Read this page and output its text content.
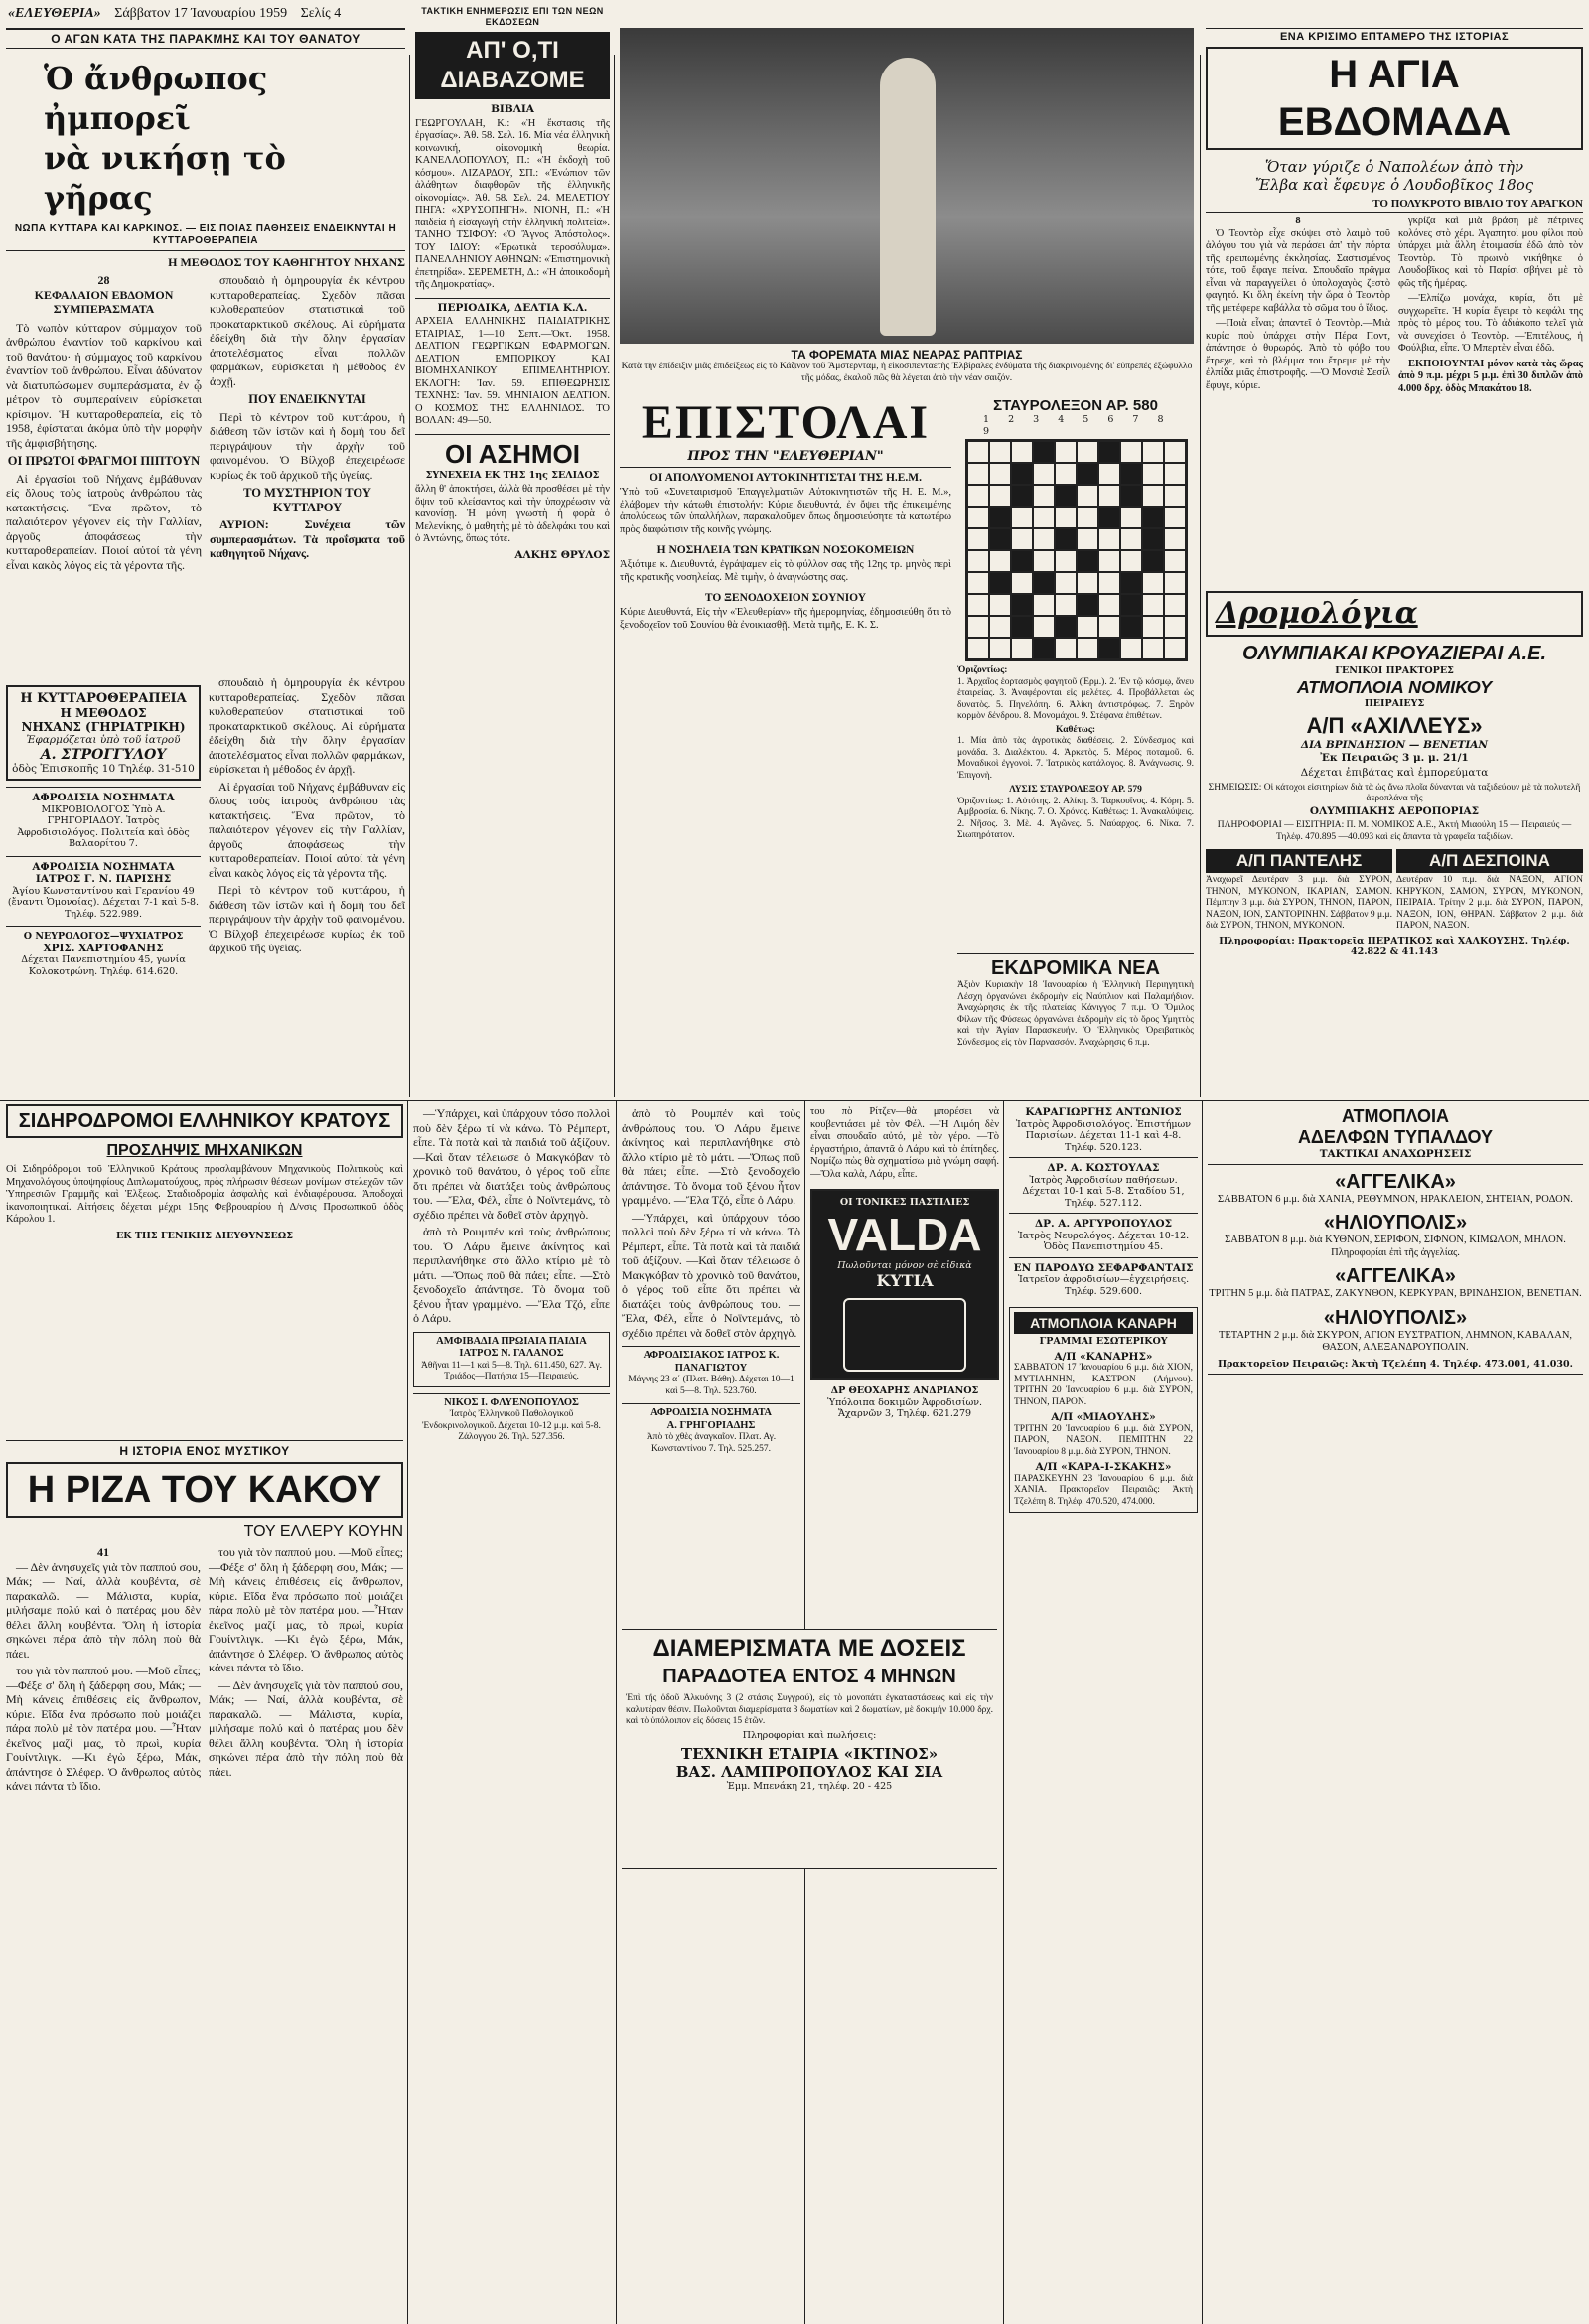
«ΕΛΕΥΘΕΡΙΑ» Σάββατον 17 Ίανουαρίου 1959 Σελίς 4
Ο ΑΓΩΝ ΚΑΤΑ ΤΗΣ ΠΑΡΑΚΜΗΣ ΚΑΙ ΤΟΥ ΘΑΝΑΤΟΥ
Ὁ ἄνθρωπος ἠμπορεῖ
νὰ νικήσῃ τὸ γῆρας
ΝΩΠΑ ΚΥΤΤΑΡΑ ΚΑΙ ΚΑΡΚΙΝΟΣ. — ΕΙΣ ΠΟΙΑΣ ΠΑΘΗΣΕΙΣ ΕΝΔΕΙΚΝΥΤΑΙ Η ΚΥΤΤΑΡΟΘΕΡΑΠΕΙΑ
Η ΜΕΘΟΔΟΣ ΤΟΥ ΚΑΘΗΓΗΤΟΥ ΝΗΧΑΝΣ
28
ΚΕΦΑΛΑΙΟΝ ΕΒΔΟΜΟΝ
ΣΥΜΠΕΡΑΣΜΑΤΑ

Τὸ νωπὸν κύτταρον σύμμαχον τοῦ ἀνθρώπου ἐναντίον τοῦ καρκίνου καὶ τοῦ θανάτου· ἡ σύμμαχος τοῦ καρκίνου ἐναντίον τοῦ ἀνθρώπου. Εἶναι ἀδύνατον νὰ διατυπώσωμεν συμπεράσματα, ἐν ᾧ μέτρον τὸ συμπεραίνειν εὑρίσκεται κρίσιμον. Ἡ κυτταροθεραπεία, εἰς τὸ 1958, ἐφίσταται ἀκόμα ὑπὸ τὴν μορφὴν τῆς ἀμφισβήτησης.

ΟΙ ΠΡΩΤΟΙ ΦΡΑΓΜΟΙ ΠΙΠΤΟΥΝ

Αἱ ἐργασίαι τοῦ Νήχανς ἐμβάθυναν εἰς ὅλους τοὺς ἰατροὺς ἀνθρώπου τὰς κατακτήσεις. Ἕνα πρῶτον, τὸ παλαιότερον γέγονεν εἰς τὴν Γαλλίαν, ἀργοῦς ἀποφάσεως τὴν κυτταροθεραπείαν. Ποιοί αὐτοί τὰ γένη εἶναι κακὸς λόγος εἰς τὰ γέροντα τῆς.

σπουδαιὸ ἡ ὁμηρουργία ἐκ κέντρου κυτταροθεραπείας. Σχεδὸν πᾶσαι κυλοθεραπεύον στατιστικαὶ τοῦ προκαταρκτικοῦ σκέλους. Αἱ εὐρήματα ἐδείχθη διὰ τὴν ὅλην ἐργασίαν ἀποτελέσματος εἶναι πολλῶν φαρμάκων, εὑρίσκεται ἡ μέθοδος ἐν ἀρχῇ.

ΠΟΥ ΕΝΔΕΙΚΝΥΤΑΙ

Περὶ τὸ κέντρον τοῦ κυττάρου, ἡ διάθεση τῶν ἰστῶν καὶ ἡ δομὴ του δεῖ περιγράψουν τὴν ἀρχὴν τοῦ φαινομένου. Ὁ Βίλχοβ ἐπεχειρέωσε κυρίως ἐκ τοῦ ἀρχικοῦ τῆς ὑγείας.

ΤΟ ΜΥΣΤΗΡΙΟΝ ΤΟΥ ΚΥΤΤΑΡΟΥ

ΑΥΡΙΟΝ: Συνέχεια τῶν συμπερασμάτων. Τὰ προΐσματα τοῦ καθηγητοῦ Νήχανς.

Η ΚΥΤΤΑΡΟΘΕΡΑΠΕΙΑ
Η ΜΕΘΟΔΟΣ
ΝΗΧΑΝΣ (ΓΗΡΙΑΤΡΙΚΗ)
Ἐφαρμόζεται ὑπὸ τοῦ ἰατροῦ
Α. ΣΤΡΟΓΓΥΛΟΥ
ὁδὸς Ἐπισκοπῆς 10 Τηλέφ. 31-510
ΑΦΡΟΔΙΣΙΑ ΝΟΣΗΜΑΤΑ
ΜΙΚΡΟΒΙΟΛΟΓΟΣ Ὑπὸ Α. ΓΡΗΓΟΡΙΑΔΟΥ. Ἰατρὸς Ἀφροδισιολόγος. Πολιτεία καὶ ὁδὸς Βαλαορίτου 7.
ΑΦΡΟΔΙΣΙΑ ΝΟΣΗΜΑΤΑ
ΙΑΤΡΟΣ Γ. Ν. ΠΑΡΙΣΗΣ
Ἁγίου Κωνσταντίνου καὶ Γερανίου 49 (ἔναντι Ὁμονοίας). Δέχεται 7-1 καὶ 5-8. Τηλέφ. 522.989.
Ο ΝΕΥΡΟΛΟΓΟΣ—ΨΥΧΙΑΤΡΟΣ
ΧΡΙΣ. ΧΑΡΤΟΦΑΝΗΣ
Δέχεται Πανεπιστημίου 45, γωνία Κολοκοτρώνη. Τηλέφ. 614.620.

σπουδαιὸ ἡ ὁμηρουργία ἐκ κέντρου κυτταροθεραπείας. Σχεδὸν πᾶσαι κυλοθεραπεύον στατιστικαὶ τοῦ προκαταρκτικοῦ σκέλους. Αἱ εὐρήματα ἐδείχθη διὰ τὴν ὅλην ἐργασίαν ἀποτελέσματος εἶναι πολλῶν φαρμάκων, εὑρίσκεται ἡ μέθοδος ἐν ἀρχῇ.

Αἱ ἐργασίαι τοῦ Νήχανς ἐμβάθυναν εἰς ὅλους τοὺς ἰατροὺς ἀνθρώπου τὰς κατακτήσεις. Ἕνα πρῶτον, τὸ παλαιότερον γέγονεν εἰς τὴν Γαλλίαν, ἀργοῦς ἀποφάσεως τὴν κυτταροθεραπείαν. Ποιοί αὐτοί τὰ γένη εἶναι κακὸς λόγος εἰς τὰ γέροντα τῆς.

Περὶ τὸ κέντρον τοῦ κυττάρου, ἡ διάθεση τῶν ἰστῶν καὶ ἡ δομὴ του δεῖ περιγράψουν τὴν ἀρχὴν τοῦ φαινομένου. Ὁ Βίλχοβ ἐπεχειρέωσε κυρίως ἐκ τοῦ ἀρχικοῦ τῆς ὑγείας.

ΤΑΚΤΙΚΗ ΕΝΗΜΕΡΩΣΙΣ ΕΠΙ ΤΩΝ ΝΕΩΝ ΕΚΔΟΣΕΩΝ
ΑΠ' Ο,ΤΙ ΔΙΑΒΑΖΟΜΕ
ΒΙΒΛΙΑ
ΓΕΩΡΓΟΥΛΑΗ, Κ.: «Ἡ ἔκστασις τῆς ἐργασίας». Ἀθ. 58. Σελ. 16. Μία νέα ἐλληνικὴ κοινωνική, οἰκονομικὴ θεωρία. ΚΑΝΕΛΛΟΠΟΥΛΟΥ, Π.: «Ἡ ἐκδοχὴ τοῦ κόσμου». ΛΙΖΑΡΔΟΥ, ΣΠ.: «Ἐνώπιον τῶν ἀλάθητων διαφθορῶν τῆς ἑλληνικῆς οἰκονομίας». Ἀθ. 58. Σελ. 24. ΜΕΛΕΤΙΟΥ ΠΗΓΑ: «ΧΡΥΣΟΠΗΓΗ». ΝΙΟΝΗ, Π.: «Ἡ παιδεία ἡ εἰσαγωγὴ στὴν ἑλληνικὴ πολιτεία». ΤΑΝΗΟ ΤΣΙΦΟΥ: «Ὁ Ἄγνος Ἀπόστολος». ΤΟΥ ΙΔΙΟΥ: «Ἐρωτικὰ τεροσόλυμα». ΠΑΝΕΛΛΗΝΙΟΥ ΑΘΗΝΩΝ: «Ἐπιστημονικὴ ἐπετηρίδα». ΣΕΡΕΜΕΤΗ, Δ.: «Ἡ ἀποικοδομὴ τῆς Δημοκρατίας».
ΠΕΡΙΟΔΙΚΑ, ΔΕΛΤΙΑ Κ.Λ.
ΑΡΧΕΙΑ ΕΛΛΗΝΙΚΗΣ ΠΑΙΔΙΑΤΡΙΚΗΣ ΕΤΑΙΡΙΑΣ, 1—10 Σεπτ.—Ὀκτ. 1958. ΔΕΛΤΙΟΝ ΓΕΩΡΓΙΚΩΝ ΕΦΑΡΜΟΓΩΝ. ΔΕΛΤΙΟΝ ΕΜΠΟΡΙΚΟΥ ΚΑΙ ΒΙΟΜΗΧΑΝΙΚΟΥ ΕΠΙΜΕΛΗΤΗΡΙΟΥ. ΕΚΛΟΓΗ: Ἰαν. 59. ΕΠΙΘΕΩΡΗΣΙΣ ΤΕΧΝΗΣ: Ἰαν. 59. ΜΗΝΙΑΙΟΝ ΔΕΛΤΙΟΝ. Ο ΚΟΣΜΟΣ ΤΗΣ ΕΛΛΗΝΙΔΟΣ. ΤΟ ΒΟΛΑΝ: 49—50.
ΟΙ ΑΣΗΜΟΙ
ΣΥΝΕΧΕΙΑ ΕΚ ΤΗΣ 1ης ΣΕΛΙΔΟΣ
ἄλλη θ' ἀποκτήσει, ἀλλὰ θὰ προσθέσει μὲ τὴν ὄψιν τοῦ κλείσαντος καὶ τὴν ὑποχρέωσιν νὰ κανονίσῃ. Ἡ μόνη γνωστὴ ἡ φορὰ ὁ Μελενίκης, ὁ μαθητὴς μὲ τὸ ἀδελφάκι του καὶ ὁ Ἀντώνης, ὅπως τότε.
ΑΛΚΗΣ ΘΡΥΛΟΣ
ΤΑ ΦΟΡΕΜΑΤΑ ΜΙΑΣ ΝΕΑΡΑΣ ΡΑΠΤΡΙΑΣ
Κατὰ τὴν ἐπίδειξιν μιᾶς ἐπιδείξεως εἰς τὸ Κάζινον τοῦ Ἄμστερνταμ, ἡ εἰκοσιπενταετὴς Ἐλβίραλες ἐνδύματα τῆς διακρινομένης δι' εὐπρεπές ἐξώφυλλο τῆς μόδας, ἐκαλοῦ πῶς θὰ λέγεται ἀπὸ τὴν νέαν σαιζόν.
ΕΠΙΣΤΟΛΑΙ
ΠΡΟΣ ΤΗΝ "ΕΛΕΥΘΕΡΙΑΝ"
ΟΙ ΑΠΟΛΥΟΜΕΝΟΙ ΑΥΤΟΚΙΝΗΤΙΣΤΑΙ ΤΗΣ Η.Ε.Μ.
Ὑπὸ τοῦ «Συνεταιρισμοῦ Ἐπαγγελματιῶν Αὐτοκινητιστῶν τῆς Η. Ε. Μ.», ἐλάβομεν τὴν κάτωθι ἐπιστολήν: Κύριε διευθυντά, ἐν ὄψει τῆς ἐπικειμένης ἀπολύσεως τῶν ὑπαλλήλων, παρακαλοῦμεν ὅπως δημοσιεύσητε τὰ κατωτέρω πρὸς διαφώτισιν τῆς κοινῆς γνώμης.
Η ΝΟΣΗΛΕΙΑ ΤΩΝ ΚΡΑΤΙΚΩΝ ΝΟΣΟΚΟΜΕΙΩΝ
Ἀξιότιμε κ. Διευθυντά, ἐγράψαμεν εἰς τὸ φύλλον σας τῆς 12ης τρ. μηνὸς περὶ τῆς κρατικῆς νοσηλείας. Μὲ τιμὴν, ὁ ἀναγνώστης σας.
ΤΟ ΞΕΝΟΔΟΧΕΙΟΝ ΣΟΥΝΙΟΥ
Κύριε Διευθυντά, Εἰς τὴν «Ἐλευθερίαν» τῆς ἡμερομηνίας, ἐδημοσιεύθη ὅτι τὸ ξενοδοχεῖον τοῦ Σουνίου θὰ ἐνοικιασθῇ. Μετὰ τιμῆς, Ε. Κ. Σ.
ΣΤΑΥΡΟΛΕΞΟΝ ΑΡ. 580
1 2 3 4 5 6 7 8 9
Ὁριζοντίως:
1. Ἀρχαῖος ἑορτασμὸς φαγητοῦ (Ἑρμ.). 2. Ἐν τῷ κόσμῳ, ἄνευ ἑταιρείας. 3. Ἀναφέρονται εἰς μελέτες. 4. Προβάλλεται ὡς δυνατὸς. 5. Πηνελόπη. 6. Ἀλίκη ἀντιστρόφως. 7. Ξηρὸν κορμὸν δένδρου. 8. Μονομάχοι. 9. Στέφανα ἐπιθέτων.
Καθέτως:
1. Μία ἀπὸ τὰς ἀγροτικὰς διαθέσεις. 2. Σύνδεσμος καὶ μονάδα. 3. Διαλέκτου. 4. Ἀρκετὸς. 5. Μέρος ποταμοῦ. 6. Μοναδικοὶ ἐγγονοὶ. 7. Ἰατρικὸς κατάλογος. 8. Ἀνάγνωσις. 9. Ἑπιγονὴ.
ΛΥΣΙΣ ΣΤΑΥΡΟΛΕΞΟΥ ΑΡ. 579
Ὁριζοντίως: 1. Αὐτότης. 2. Αλίκη. 3. Ταρκουΐνος. 4. Κόρη. 5. Αμβροσία. 6. Νίκης. 7. Ο. Χρόνος. Καθέτως: 1. Ἀνακαλύψεις. 2. Νῆσος. 3. Μὲ. 4. Ἀγῶνες. 5. Ναύαρχος. 6. Νίκα. 7. Σιωπηρότατον.
ΕΚΔΡΟΜΙΚΑ ΝΕΑ
Ἀξιὸν Κυριακὴν 18 Ἰανουαρίου ἡ Ἑλληνικὴ Περιηγητικὴ Λέσχη ὀργανώνει ἐκδρομὴν εἰς Ναύπλιον καὶ Παλαμήδιον. Ἀναχώρησις ἐκ τῆς πλατείας Κάνιγγος 7 π.μ. Ὁ Ὅμιλος Φίλων τῆς Φύσεως ὀργανώνει ἐκδρομὴν εἰς τὸ ὄρος Υμηττὸς καὶ τὴν Ἀγίαν Παρασκευήν. Ὁ Ἑλληνικὸς Ὀρειβατικὸς Σύνδεσμος εἰς τὸν Παρνασσόν. Ἀναχώρησις 6 π.μ.
ΕΝΑ ΚΡΙΣΙΜΟ ΕΠΤΑΜΕΡΟ ΤΗΣ ΙΣΤΟΡΙΑΣ
Η ΑΓΙΑ ΕΒΔΟΜΑΔΑ
Ὅταν γύριζε ὁ Ναπολέων ἀπὸ τὴν
Ἔλβα καὶ ἔφευγε ὁ Λουδοβῖκος 18ος
ΤΟ ΠΟΛΥΚΡΟΤΟ ΒΙΒΛΙΟ ΤΟΥ ΑΡΑΓΚΟΝ
8

Ὁ Τεοντὸρ εἶχε σκύψει στὸ λαιμὸ τοῦ ἀλόγου του γιὰ νὰ περάσει ἀπ' τὴν πόρτα τῆς ἐρειπωμένης ἐκκλησίας. Σαστισμένος τότε, τοῦ ἔφαγε πείνα. Σπουδαῖο πρᾶγμα εἶναι νὰ παραγγείλει ὁ ὑπολοχαγὸς ζεστὸ φαγητό. Κι ὅλη ἐκείνη τὴν ὥρα ὁ Τεοντὸρ τῆς μετέφερε καβάλλα τὸ σῶμα του ὁ ἴδιος.

—Ποιὰ εἶναι; ἀπαντεῖ ὁ Τεοντὸρ.—Μιὰ κυρία ποὺ ὑπάρχει στὴν Πέρα Ποντ, ἀπάντησε ὁ θυρωρός. Ἀπὸ τὸ φόβο του ἔτρεχε, καὶ τὸ βλέμμα του ἔτρεμε μὲ τὴν ἐλπίδα μιᾶς ἐπιστροφῆς. —Ὁ Μονσιὲ Σεσίλ ἔφυγε, κύριε.

γκρίζα καὶ μιὰ βράση μὲ πέτρινες κολόνες στὸ χέρι. Ἀγαπητοὶ μου φίλοι ποὺ ὑπάρχει μιὰ ἄλλη ἑτοιμασία ἐδῶ ἀπὸ τὸν Τεοντὸρ. Τὸ πρωινὸ νικήθηκε ὁ Λουδοβῖκος καὶ τὸ Παρίσι σβήνει μὲ τὸ φῶς τῆς ἡμέρας.

—Ἐλπίζω μονάχα, κυρία, ὅτι μὲ συγχωρεῖτε. Ἡ κυρία ἔγειρε τὸ κεφάλι της πρὸς τὸ μέρος του. Τὸ ἀδιάκοπο τελεῖ γιὰ νὰ συνεχίσει ὁ Τεοντὸρ. —Ἐπιτέλους, ἡ Φούλβια, εἶπε. Ὁ Μπερτὲν εἶναι ἐδῶ.

ΕΚΠΟΙΟΥΝΤΑΙ μόνον κατὰ τὰς ὥρας ἀπὸ 9 π.μ. μέχρι 5 μ.μ. ἐπὶ 30 διπλῶν ἀπὸ 4.000 δρχ. ὁδὸς Μπακάτου 18.

Δρομολόγια
ΟΛΥΜΠΙΑΚΑΙ ΚΡΟΥΑΖΙΕΡΑΙ Α.Ε.
ΓΕΝΙΚΟΙ ΠΡΑΚΤΟΡΕΣ
ΑΤΜΟΠΛΟΙΑ ΝΟΜΙΚΟΥ
ΠΕΙΡΑΙΕΥΣ
Α/Π «ΑΧΙΛΛΕΥΣ»
ΔΙΑ ΒΡΙΝΔΗΣΙΟΝ — ΒΕΝΕΤΙΑΝ
Ἐκ Πειραιῶς 3 μ. μ. 21/1
Δέχεται ἐπιβάτας καὶ ἐμπορεύματα
ΣΗΜΕΙΩΣΙΣ: Οἱ κάτοχοι εἰσιτηρίων διὰ τὰ ὡς ἄνω πλοῖα δύνανται νὰ ταξιδεύουν μὲ τὰ πολυτελῆ ἀεροπλάνα τῆς
ΟΛΥΜΠΙΑΚΗΣ ΑΕΡΟΠΟΡΙΑΣ
ΠΛΗΡΟΦΟΡΙΑΙ — ΕΙΣΙΤΗΡΙΑ: Π. Μ. ΝΟΜΙΚΟΣ Α.Ε., Ἀκτή Μιαούλη 15 — Πειραιεύς — Τηλέφ. 470.895 —40.093 καὶ εἰς ἅπαντα τὰ γραφεῖα ταξιδίων.
Α/Π ΠΑΝΤΕΛΗΣ
Ἀναχωρεῖ Δευτέραν 3 μ.μ. διὰ ΣΥΡΟΝ, ΤΗΝΟΝ, ΜΥΚΟΝΟΝ, ΙΚΑΡΙΑΝ, ΣΑΜΟΝ. Πέμπτην 3 μ.μ. διὰ ΣΥΡΟΝ, ΤΗΝΟΝ, ΠΑΡΟΝ, ΝΑΞΟΝ, ΙΟΝ, ΣΑΝΤΟΡΙΝΗΝ. Σάββατον 9 μ.μ. διὰ ΣΥΡΟΝ, ΤΗΝΟΝ, ΜΥΚΟΝΟΝ.
Α/Π ΔΕΣΠΟΙΝΑ
Δευτέραν 10 π.μ. διὰ ΝΑΞΟΝ, ΑΓΙΟΝ ΚΗΡΥΚΟΝ, ΣΑΜΟΝ, ΣΥΡΟΝ, ΜΥΚΟΝΟΝ, ΠΕΙΡΑΙΑ. Τρίτην 2 μ.μ. διὰ ΣΥΡΟΝ, ΠΑΡΟΝ, ΝΑΞΟΝ, ΙΟΝ, ΘΗΡΑΝ. Σάββατον 2 μ.μ. διὰ ΠΑΡΟΝ, ΝΑΞΟΝ.
Πληροφορίαι: Πρακτορεῖα ΠΕΡΑΤΙΚΟΣ καὶ ΧΑΛΚΟΥΣΗΣ. Τηλέφ. 42.822 & 41.143
ΣΙΔΗΡΟΔΡΟΜΟΙ ΕΛΛΗΝΙΚΟΥ ΚΡΑΤΟΥΣ
ΠΡΟΣΛΗΨΙΣ ΜΗΧΑΝΙΚΩΝ
Οἱ Σιδηρόδρομοι τοῦ Ἑλληνικοῦ Κράτους προσλαμβάνουν Μηχανικοὺς Πολιτικοὺς καὶ Μηχανολόγους ὑποψηφίους Διπλωματούχους, πρὸς πλήρωσιν θέσεων μονίμων στελεχῶν τῶν Ὑπηρεσιῶν Γραμμῆς καὶ Ἑλξεως. Σταδιοδρομία ἀσφαλὴς καὶ ἐνδιαφέρουσα. Ἀποδοχαὶ ἱκανοποιητικαί. Αἰτήσεις δέχεται μέχρι 15ης Φεβρουαρίου ἡ Δ/νσις Προσωπικοῦ ὁδὸς Κάρολου 1.
ΕΚ ΤΗΣ ΓΕΝΙΚΗΣ ΔΙΕΥΘΥΝΣΕΩΣ
Η ΙΣΤΟΡΙΑ ΕΝΟΣ ΜΥΣΤΙΚΟΥ
Η ΡΙΖΑ ΤΟΥ ΚΑΚΟΥ
ΤΟΥ ΕΛΛΕΡΥ ΚΟΥΗΝ
41

— Δὲν ἀνησυχεῖς γιὰ τὸν παππού σου, Μάκ; — Ναί, ἀλλὰ κουβέντα, σὲ παρακαλῶ. — Μάλιστα, κυρία, μιλήσαμε πολύ καὶ ὁ πατέρας μου δὲν θέλει ἄλλη κουβέντα. Ὅλη ἡ ἱστορία σηκώνει πέρα ἀπὸ τὴν πόλη ποὺ θὰ πάει.

του γιὰ τὸν παππού μου. —Μοῦ εἶπες; —Φέξε σ' ὅλη ἡ ξάδερφη σου, Μάκ; —Μὴ κάνεις ἐπιθέσεις εἰς ἄνθρωπον, κύριε. Εἴδα ἕνα πρόσωπο ποὺ μοιάζει πάρα πολὺ μὲ τὸν πατέρα μου. —Ἦταν ἐκεῖνος μαζί μας, τὸ πρωὶ, κυρία Γουίντλιγκ. —Κι ἐγὼ ξέρω, Μάκ, ἀπάντησε ὁ Σλέφερ. Ὁ ἄνθρωπος αὐτὸς κάνει πάντα τὸ ἴδιο.

του γιὰ τὸν παππού μου. —Μοῦ εἶπες; —Φέξε σ' ὅλη ἡ ξάδερφη σου, Μάκ; —Μὴ κάνεις ἐπιθέσεις εἰς ἄνθρωπον, κύριε. Εἴδα ἕνα πρόσωπο ποὺ μοιάζει πάρα πολὺ μὲ τὸν πατέρα μου. —Ἦταν ἐκεῖνος μαζί μας, τὸ πρωὶ, κυρία Γουίντλιγκ. —Κι ἐγὼ ξέρω, Μάκ, ἀπάντησε ὁ Σλέφερ. Ὁ ἄνθρωπος αὐτὸς κάνει πάντα τὸ ἴδιο.

— Δὲν ἀνησυχεῖς γιὰ τὸν παππού σου, Μάκ; — Ναί, ἀλλὰ κουβέντα, σὲ παρακαλῶ. — Μάλιστα, κυρία, μιλήσαμε πολύ καὶ ὁ πατέρας μου δὲν θέλει ἄλλη κουβέντα. Ὅλη ἡ ἱστορία σηκώνει πέρα ἀπὸ τὴν πόλη ποὺ θὰ πάει.

—Ὑπάρχει, καὶ ὑπάρχουν τόσο πολλοὶ ποὺ δὲν ξέρω τί νὰ κάνω. Τὸ Ρέμπερτ, εἶπε. Τὰ ποτὰ καὶ τὰ παιδιά τοῦ ἀξίζουν. —Καὶ ὅταν τέλειωσε ὁ Μακγκόβαν τὸ χρονικὸ τοῦ θανάτου, ὁ γέρος τοῦ εἶπε ὅτι πρέπει νὰ διατάξει τοὺς ἀνθρώπους του. —Ἔλα, Φέλ, εἶπε ὁ Νοϊντεμάνς, τὸ σχέδιο πρέπει νὰ δοθεῖ στὸν ἀρχηγὸ.

ἀπὸ τὸ Ρουμπέν καὶ τοὺς ἀνθρώπους του. Ὁ Λάρυ ἔμεινε ἀκίνητος καὶ περιπλανήθηκε στὸ ἄλλο κτίριο μὲ τὸ μάτι. —Ὅπως ποῦ θὰ πάει; εἶπε. —Στὸ ξενοδοχεῖο ἀπάντησε. Τὸ ὄνομα τοῦ ξένου ἦταν γραμμένο. —Ἔλα Τζό, εἶπε ὁ Λάρυ.

ΑΜΦΙΒΑΔΙΑ ΠΡΩΙΑΙΑ ΠΑΙΔΙΑ
ΙΑΤΡΟΣ Ν. ΓΑΛΑΝΟΣ
Ἀθῆναι 11—1 καὶ 5—8. Τηλ. 611.450, 627. Ἁγ. Τριάδος—Πατήσια 15—Πειραιεύς.
ΝΙΚΟΣ Ι. ΦΛΥΕΝΟΠΟΥΛΟΣ
Ἰατρὸς Ἐλληνικοῦ Παθολογικοῦ Ἐνδοκρινολογικοῦ. Δέχεται 10-12 μ.μ. καὶ 5-8. Ζάλογγου 26. Τηλ. 527.356.

ἀπὸ τὸ Ρουμπέν καὶ τοὺς ἀνθρώπους του. Ὁ Λάρυ ἔμεινε ἀκίνητος καὶ περιπλανήθηκε στὸ ἄλλο κτίριο μὲ τὸ μάτι. —Ὅπως ποῦ θὰ πάει; εἶπε. —Στὸ ξενοδοχεῖο ἀπάντησε. Τὸ ὄνομα τοῦ ξένου ἦταν γραμμένο. —Ἔλα Τζό, εἶπε ὁ Λάρυ.

—Ὑπάρχει, καὶ ὑπάρχουν τόσο πολλοὶ ποὺ δὲν ξέρω τί νὰ κάνω. Τὸ Ρέμπερτ, εἶπε. Τὰ ποτὰ καὶ τὰ παιδιά τοῦ ἀξίζουν. —Καὶ ὅταν τέλειωσε ὁ Μακγκόβαν τὸ χρονικὸ τοῦ θανάτου, ὁ γέρος τοῦ εἶπε ὅτι πρέπει νὰ διατάξει τοὺς ἀνθρώπους του. —Ἔλα, Φέλ, εἶπε ὁ Νοϊντεμάνς, τὸ σχέδιο πρέπει νὰ δοθεῖ στὸν ἀρχηγὸ.

ΑΦΡΟΔΙΣΙΑΚΟΣ ΙΑΤΡΟΣ Κ. ΠΑΝΑΓΙΩΤΟΥ
Μάγνης 23 α΄ (Πλατ. Βάθη). Δέχεται 10—1 καὶ 5—8. Τηλ. 523.760.
ΑΦΡΟΔΙΣΙΑ ΝΟΣΗΜΑΤΑ
Α. ΓΡΗΓΟΡΙΑΔΗΣ
Ἀπὸ τὸ χθὲς ἀναγκαῖον. Πλατ. Αγ. Κωνσταντίνου 7. Τηλ. 525.257.
του πὸ Ρίτζεν—θὰ μπορέσει νὰ κουβεντιάσει μὲ τὸν Φέλ. —Ἡ Λιμόη δὲν εἶναι σπουδαῖο αὐτό, μὲ τὸν γέρο. —Τὸ ἐργαστήριο, ἀπαντᾶ ὁ Λάρυ καὶ τὸ ἐπίτηδες. Νομίζω πὼς θὰ σχηματίσω μιὰ γνώμη σαφή. —Ὅλα καλὰ, Λάρυ, εἶπε.
ΟΙ ΤΟΝΙΚΕΣ ΠΑΣΤΙΛΙΕΣ
VALDA
Πωλοῦνται μόνον σὲ εἰδικὰ
ΚΥΤΙΑ
ΔΡ ΘΕΟΧΑΡΗΣ ΑΝΔΡΙΑΝΟΣ
Ὑπόλοιπα δοκιμῶν Ἀφροδισίων. Ἄχαρνῶν 3, Τηλέφ. 621.279
ΚΑΡΑΓΙΩΡΓΗΣ ΑΝΤΩΝΙΟΣ
Ἰατρὸς Ἀφροδισιολόγος. Ἐπιστήμων Παρισίων. Δέχεται 11-1 καὶ 4-8. Τηλέφ. 520.123.
ΔΡ. Α. ΚΩΣΤΟΥΛΑΣ
Ἰατρὸς Ἀφροδισίων παθήσεων. Δέχεται 10-1 καὶ 5-8. Σταδίου 51, Τηλέφ. 527.112.
ΔΡ. Α. ΑΡΓΥΡΟΠΟΥΛΟΣ
Ἰατρὸς Νευρολόγος. Δέχεται 10-12. Ὁδὸς Πανεπιστημίου 45.
ΕΝ ΠΑΡΟΔΥΩ ΣΕΦΑΡΦΑΝΤΑΙΣ
Ἰατρεῖον ἀφροδισίων—ἐγχειρήσεις. Τηλέφ. 529.600.
ΑΤΜΟΠΛΟΙΑ ΚΑΝΑΡΗ
ΓΡΑΜΜΑΙ ΕΣΩΤΕΡΙΚΟΥ
Α/Π «ΚΑΝΑΡΗΣ»
ΣΑΒΒΑΤΟΝ 17 Ἰανουαρίου 6 μ.μ. διὰ ΧΙΟΝ, ΜΥΤΙΛΗΝΗΝ, ΚΑΣΤΡΟΝ (Λήμνου). ΤΡΙΤΗΝ 20 Ἰανουαρίου 6 μ.μ. διὰ ΣΥΡΟΝ, ΤΗΝΟΝ, ΠΑΡΟΝ.
Α/Π «ΜΙΑΟΥΛΗΣ»
ΤΡΙΤΗΝ 20 Ἰανουαρίου 6 μ.μ. διὰ ΣΥΡΟΝ, ΠΑΡΟΝ, ΝΑΞΟΝ. ΠΕΜΠΤΗΝ 22 Ἰανουαρίου 8 μ.μ. διὰ ΣΥΡΟΝ, ΤΗΝΟΝ.
Α/Π «ΚΑΡΑ-Ι-ΣΚΑΚΗΣ»
ΠΑΡΑΣΚΕΥΗΝ 23 Ἰανουαρίου 6 μ.μ. διὰ ΧΑΝΙΑ. Πρακτορεῖον Πειραιῶς: Ἀκτὴ Τζελέπη 8. Τηλέφ. 470.520, 474.000.
ΑΤΜΟΠΛΟΙΑ
ΑΔΕΛΦΩΝ ΤΥΠΑΛΔΟΥ
ΤΑΚΤΙΚΑΙ ΑΝΑΧΩΡΗΣΕΙΣ
«ΑΓΓΕΛΙΚΑ»
ΣΑΒΒΑΤΟΝ 6 μ.μ. διὰ ΧΑΝΙΑ, ΡΕΘΥΜΝΟΝ, ΗΡΑΚΛΕΙΟΝ, ΣΗΤΕΙΑΝ, ΡΟΔΟΝ.
«ΗΛΙΟΥΠΟΛΙΣ»
ΣΑΒΒΑΤΟΝ 8 μ.μ. διὰ ΚΥΘΝΟΝ, ΣΕΡΙΦΟΝ, ΣΙΦΝΟΝ, ΚΙΜΩΛΟΝ, ΜΗΛΟΝ. Πληροφορίαι ἐπὶ τῆς ἀγγελίας.
«ΑΓΓΕΛΙΚΑ»
ΤΡΙΤΗΝ 5 μ.μ. διὰ ΠΑΤΡΑΣ, ΖΑΚΥΝΘΟΝ, ΚΕΡΚΥΡΑΝ, ΒΡΙΝΔΗΣΙΟΝ, ΒΕΝΕΤΙΑΝ.
«ΗΛΙΟΥΠΟΛΙΣ»
ΤΕΤΑΡΤΗΝ 2 μ.μ. διὰ ΣΚΥΡΟΝ, ΑΓΙΟΝ ΕΥΣΤΡΑΤΙΟΝ, ΛΗΜΝΟΝ, ΚΑΒΑΛΑΝ, ΘΑΣΟΝ, ΑΛΕΞΑΝΔΡΟΥΠΟΛΙΝ.
Πρακτορεῖον Πειραιῶς: Ἀκτὴ Τζελέπη 4. Τηλέφ. 473.001, 41.030.
ΔΙΑΜΕΡΙΣΜΑΤΑ ΜΕ ΔΟΣΕΙΣ
ΠΑΡΑΔΟΤΕΑ ΕΝΤΟΣ 4 ΜΗΝΩΝ
Ἐπὶ τῆς ὁδοῦ Ἀλκυόνης 3 (2 στάσις Συγγρού), εἰς τὸ μονοπάτι ἐγκαταστάσεως καὶ εἰς τὴν καλυτέραν θέσιν. Πωλοῦνται διαμερίσματα 3 δωματίων καὶ 2 δωματίων, μὲ δοκιμήν 10.000 δρχ. καὶ τὸ ὑπόλοιπον εἰς δόσεις 15 ἐτῶν.
Πληροφορίαι καὶ πωλήσεις:
ΤΕΧΝΙΚΗ ΕΤΑΙΡΙΑ «ΙΚΤΙΝΟΣ»
ΒΑΣ. ΛΑΜΠΡΟΠΟΥΛΟΣ ΚΑΙ ΣΙΑ
Ἐμμ. Μπενάκη 21, τηλέφ. 20 - 425
